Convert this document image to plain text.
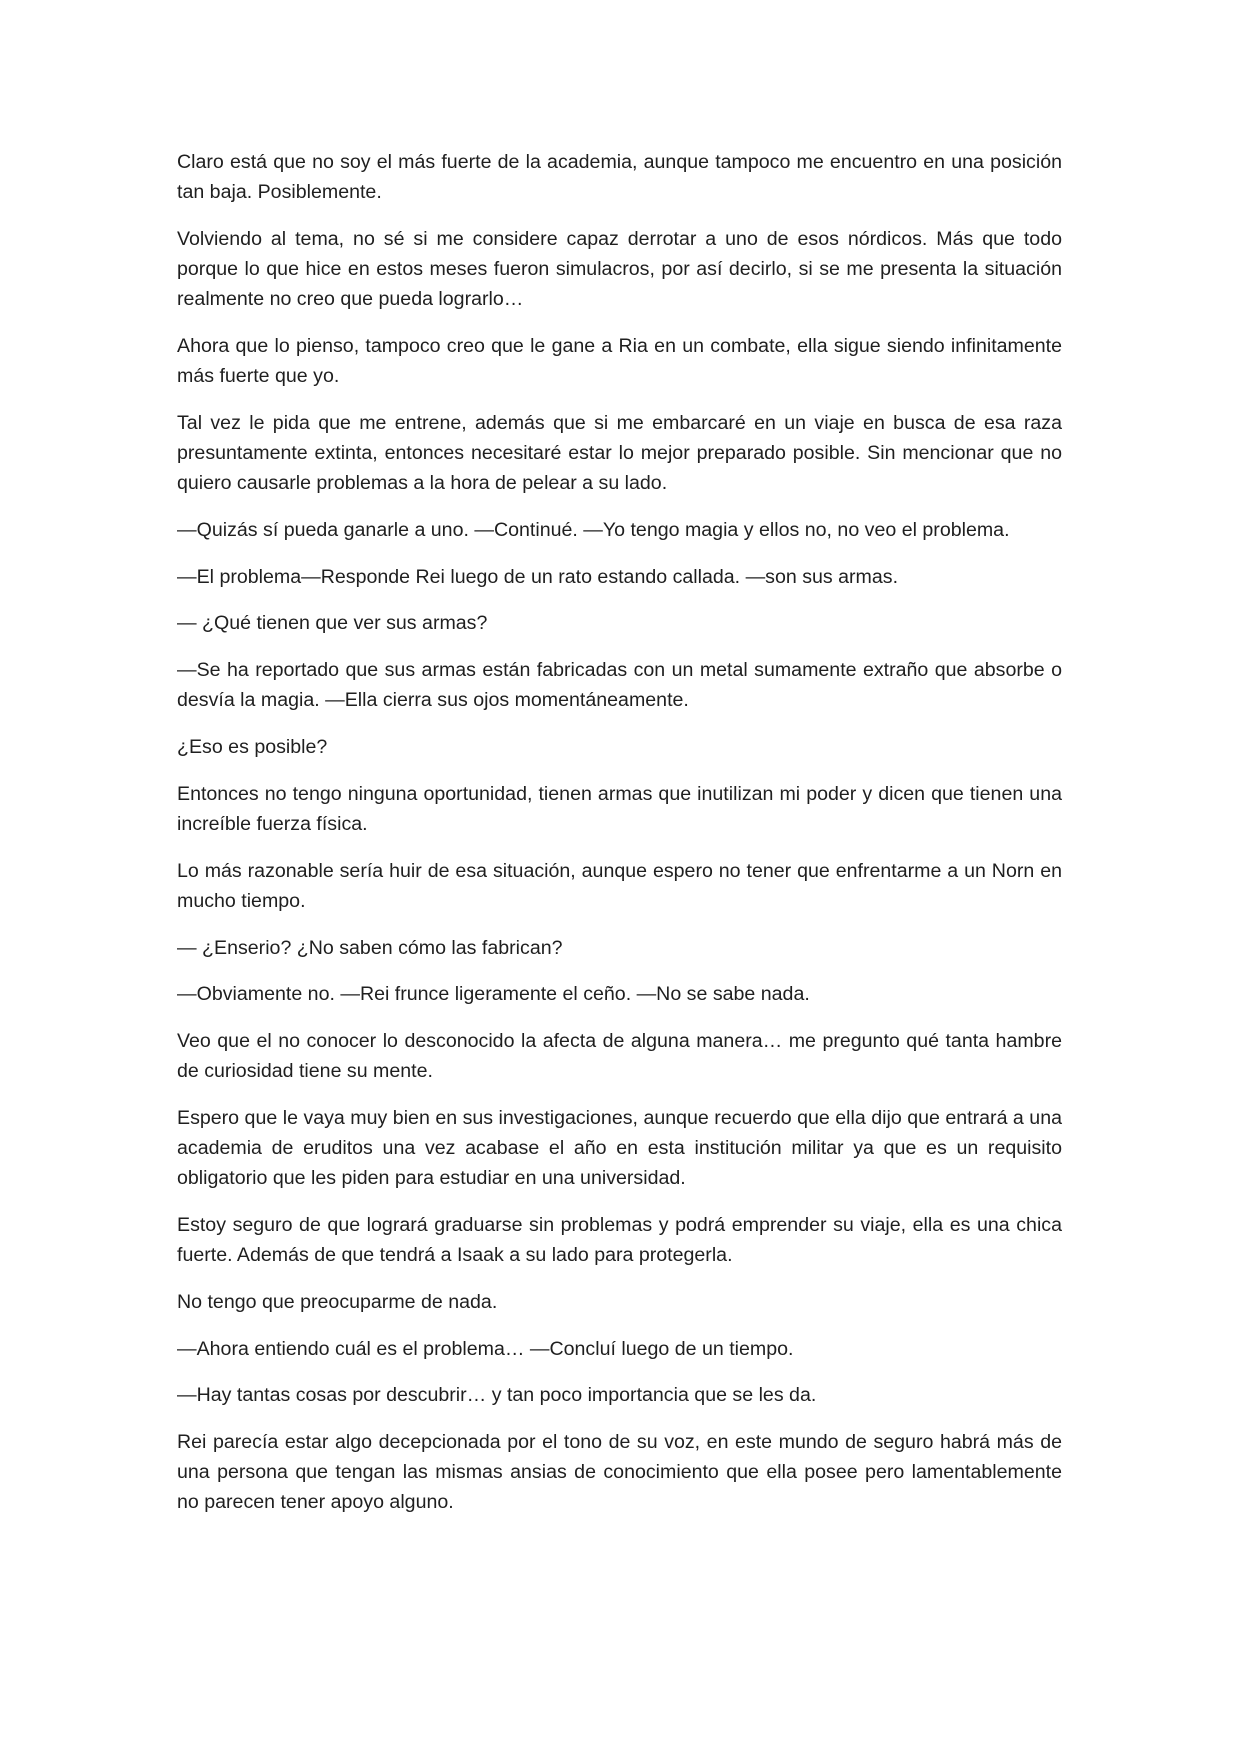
Claro está que no soy el más fuerte de la academia, aunque tampoco me encuentro en una posición tan baja. Posiblemente.

Volviendo al tema, no sé si me considere capaz derrotar a uno de esos nórdicos. Más que todo porque lo que hice en estos meses fueron simulacros, por así decirlo, si se me presenta la situación realmente no creo que pueda lograrlo…

Ahora que lo pienso, tampoco creo que le gane a Ria en un combate, ella sigue siendo infinitamente más fuerte que yo.

Tal vez le pida que me entrene, además que si me embarcaré en un viaje en busca de esa raza presuntamente extinta, entonces necesitaré estar lo mejor preparado posible. Sin mencionar que no quiero causarle problemas a la hora de pelear a su lado.

—Quizás sí pueda ganarle a uno. —Continué. —Yo tengo magia y ellos no, no veo el problema.

—El problema—Responde Rei luego de un rato estando callada. —son sus armas.

— ¿Qué tienen que ver sus armas?

—Se ha reportado que sus armas están fabricadas con un metal sumamente extraño que absorbe o desvía la magia. —Ella cierra sus ojos momentáneamente.

¿Eso es posible?

Entonces no tengo ninguna oportunidad, tienen armas que inutilizan mi poder y dicen que tienen una increíble fuerza física.

Lo más razonable sería huir de esa situación, aunque espero no tener que enfrentarme a un Norn en mucho tiempo.

— ¿Enserio? ¿No saben cómo las fabrican?

—Obviamente no. —Rei frunce ligeramente el ceño. —No se sabe nada.

Veo que el no conocer lo desconocido la afecta de alguna manera… me pregunto qué tanta hambre de curiosidad tiene su mente.

Espero que le vaya muy bien en sus investigaciones, aunque recuerdo que ella dijo que entrará a una academia de eruditos una vez acabase el año en esta institución militar ya que es un requisito obligatorio que les piden para estudiar en una universidad.

Estoy seguro de que logrará graduarse sin problemas y podrá emprender su viaje, ella es una chica fuerte. Además de que tendrá a Isaak a su lado para protegerla.

No tengo que preocuparme de nada.

—Ahora entiendo cuál es el problema… —Concluí luego de un tiempo.

—Hay tantas cosas por descubrir… y tan poco importancia que se les da.

Rei parecía estar algo decepcionada por el tono de su voz, en este mundo de seguro habrá más de una persona que tengan las mismas ansias de conocimiento que ella posee pero lamentablemente no parecen tener apoyo alguno.
